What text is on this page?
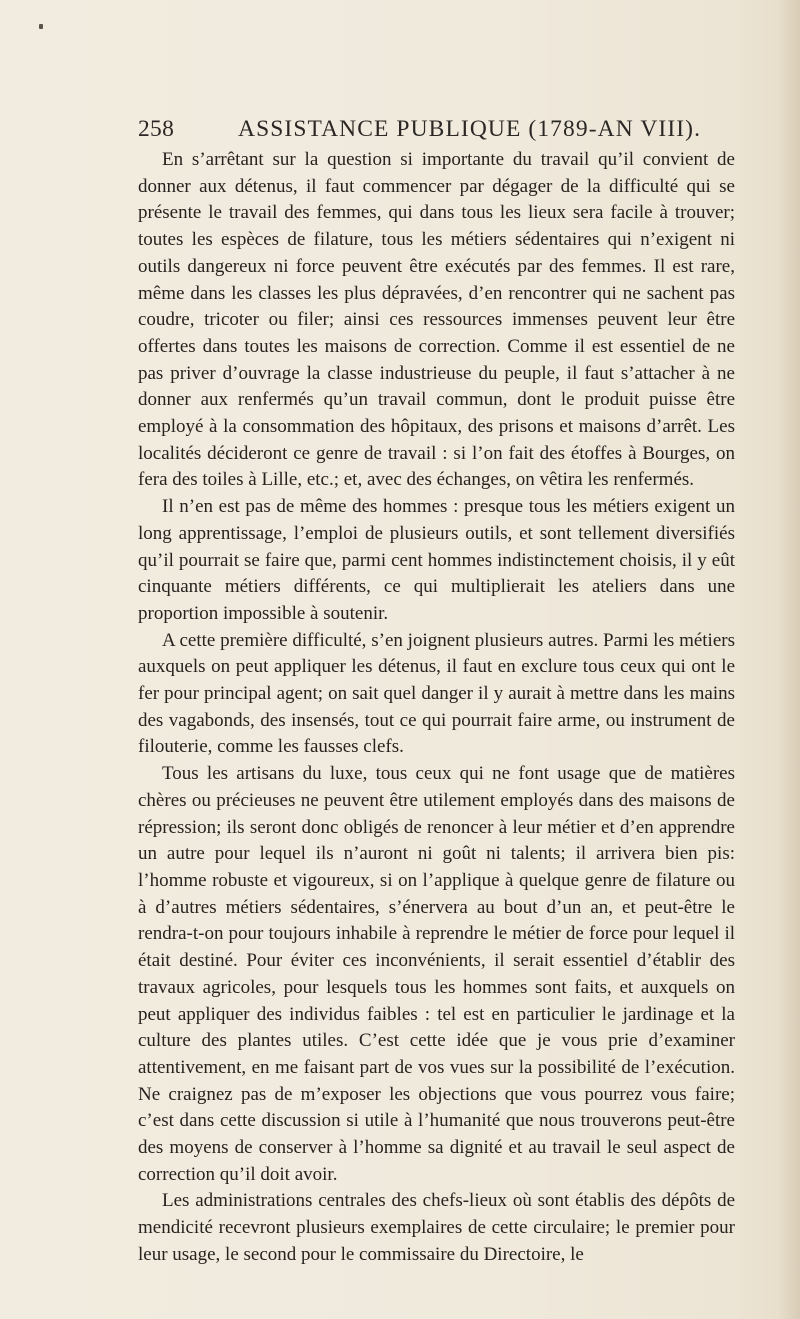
258	ASSISTANCE PUBLIQUE (1789-AN VIII).

En s’arrêtant sur la question si importante du travail qu’il convient de donner aux détenus, il faut commencer par dégager de la difficulté qui se présente le travail des femmes, qui dans tous les lieux sera facile à trouver; toutes les espèces de filature, tous les métiers sédentaires qui n’exigent ni outils dangereux ni force peuvent être exécutés par des femmes. Il est rare, même dans les classes les plus dépravées, d’en rencontrer qui ne sachent pas coudre, tricoter ou filer; ainsi ces ressources immenses peuvent leur être offertes dans toutes les maisons de correction. Comme il est essentiel de ne pas priver d’ouvrage la classe industrieuse du peuple, il faut s’attacher à ne donner aux renfermés qu’un travail commun, dont le produit puisse être employé à la consommation des hôpitaux, des prisons et maisons d’arrêt. Les localités décideront ce genre de travail : si l’on fait des étoffes à Bourges, on fera des toiles à Lille, etc.; et, avec des échanges, on vêtira les renfermés.

Il n’en est pas de même des hommes : presque tous les métiers exigent un long apprentissage, l’emploi de plusieurs outils, et sont tellement diversifiés qu’il pourrait se faire que, parmi cent hommes indistinctement choisis, il y eût cinquante métiers différents, ce qui multiplierait les ateliers dans une proportion impossible à soutenir.

A cette première difficulté, s’en joignent plusieurs autres. Parmi les métiers auxquels on peut appliquer les détenus, il faut en exclure tous ceux qui ont le fer pour principal agent; on sait quel danger il y aurait à mettre dans les mains des vagabonds, des insensés, tout ce qui pourrait faire arme, ou instrument de filouterie, comme les fausses clefs.

Tous les artisans du luxe, tous ceux qui ne font usage que de matières chères ou précieuses ne peuvent être utilement employés dans des maisons de répression; ils seront donc obligés de renoncer à leur métier et d’en apprendre un autre pour lequel ils n’auront ni goût ni talents; il arrivera bien pis: l’homme robuste et vigoureux, si on l’applique à quelque genre de filature ou à d’autres métiers sédentaires, s’énervera au bout d’un an, et peut-être le rendra-t-on pour toujours inhabile à reprendre le métier de force pour lequel il était destiné. Pour éviter ces inconvénients, il serait essentiel d’établir des travaux agricoles, pour lesquels tous les hommes sont faits, et auxquels on peut appliquer des individus faibles : tel est en particulier le jardinage et la culture des plantes utiles. C’est cette idée que je vous prie d’examiner attentivement, en me faisant part de vos vues sur la possibilité de l’exécution. Ne craignez pas de m’exposer les objections que vous pourrez vous faire; c’est dans cette discussion si utile à l’humanité que nous trouverons peut-être des moyens de conserver à l’homme sa dignité et au travail le seul aspect de correction qu’il doit avoir.

Les administrations centrales des chefs-lieux où sont établis des dépôts de mendicité recevront plusieurs exemplaires de cette circulaire; le premier pour leur usage, le second pour le commissaire du Directoire, le
